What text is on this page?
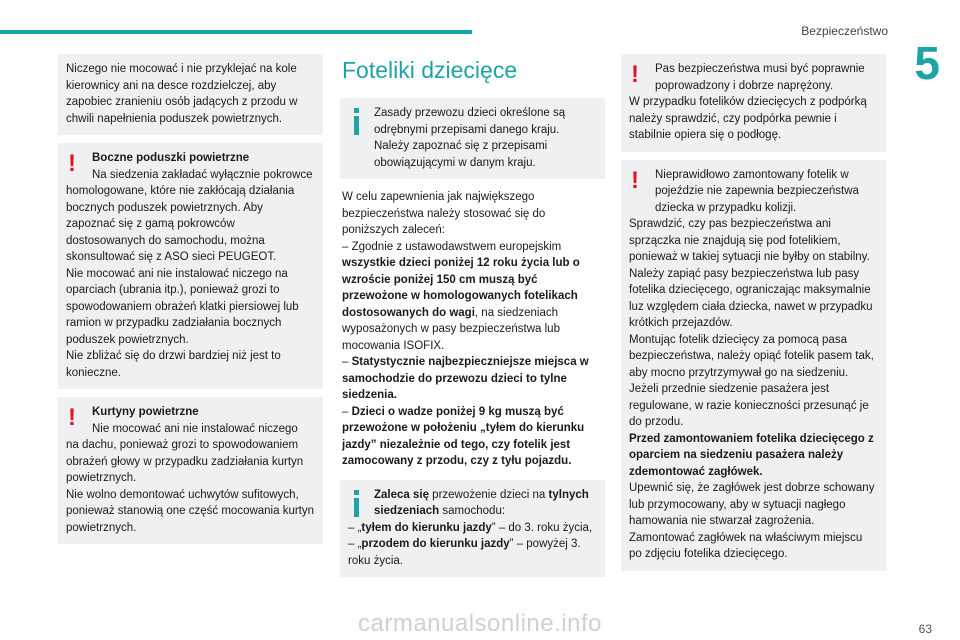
Bezpieczeństwo
5

Niczego nie mocować i nie przyklejać na kole kierownicy ani na desce rozdzielczej, aby zapobiec zranieniu osób jadących z przodu w chwili napełnienia poduszek powietrznych.

! Boczne poduszki powietrzne
Na siedzenia zakładać wyłącznie pokrowce

homologowane, które nie zakłócają działania bocznych poduszek powietrznych. Aby zapoznać się z gamą pokrowców dostosowanych do samochodu, można skonsultować się z ASO sieci PEUGEOT.

Nie mocować ani nie instalować niczego na oparciach (ubrania itp.), ponieważ grozi to spowodowaniem obrażeń klatki piersiowej lub ramion w przypadku zadziałania bocznych poduszek powietrznych.

Nie zbliżać się do drzwi bardziej niż jest to konieczne.

! Kurtyny powietrzne
Nie mocować ani nie instalować niczego

na dachu, ponieważ grozi to spowodowaniem obrażeń głowy w przypadku zadziałania kurtyn powietrznych.

Nie wolno demontować uchwytów sufitowych, ponieważ stanowią one część mocowania kurtyn powietrznych.

Foteliki dziecięce

Zasady przewozu dzieci określone są
odrębnymi przepisami danego kraju. Należy zapoznać się z przepisami obowiązującymi w danym kraju.

W celu zapewnienia jak największego bezpieczeństwa należy stosować się do poniższych zaleceń:

– Zgodnie z ustawodawstwem europejskim wszystkie dzieci poniżej 12 roku życia lub o wzroście poniżej 150 cm muszą być przewożone w homologowanych fotelikach dostosowanych do wagi, na siedzeniach wyposażonych w pasy bezpieczeństwa lub mocowania ISOFIX.

– Statystycznie najbezpieczniejsze miejsca w samochodzie do przewozu dzieci to tylne siedzenia.

– Dzieci o wadze poniżej 9 kg muszą być przewożone w położeniu „tyłem do kierunku jazdy” niezależnie od tego, czy fotelik jest zamocowany z przodu, czy z tyłu pojazdu.

Zaleca się przewożenie dzieci na tylnych siedzeniach samochodu:

– „tyłem do kierunku jazdy” – do 3. roku życia,

– „przodem do kierunku jazdy” – powyżej 3. roku życia.

! Pas bezpieczeństwa musi być poprawnie
poprowadzony i dobrze naprężony.

W przypadku fotelików dziecięcych z podpórką należy sprawdzić, czy podpórka pewnie i stabilnie opiera się o podłogę.

! Nieprawidłowo zamontowany fotelik w
pojeździe nie zapewnia bezpieczeństwa dziecka w przypadku kolizji.

Sprawdzić, czy pas bezpieczeństwa ani sprzączka nie znajdują się pod fotelikiem, ponieważ w takiej sytuacji nie byłby on stabilny.

Należy zapiąć pasy bezpieczeństwa lub pasy fotelika dziecięcego, ograniczając maksymalnie luz względem ciała dziecka, nawet w przypadku krótkich przejazdów.

Montując fotelik dziecięcy za pomocą pasa bezpieczeństwa, należy opiąć fotelik pasem tak, aby mocno przytrzymywał go na siedzeniu. Jeżeli przednie siedzenie pasażera jest regulowane, w razie konieczności przesunąć je do przodu.

Przed zamontowaniem fotelika dziecięcego z oparciem na siedzeniu pasażera należy zdemontować zagłówek.

Upewnić się, że zagłówek jest dobrze schowany lub przymocowany, aby w sytuacji nagłego hamowania nie stwarzał zagrożenia. Zamontować zagłówek na właściwym miejscu po zdjęciu fotelika dziecięcego.

carmanualsonline.info	63
